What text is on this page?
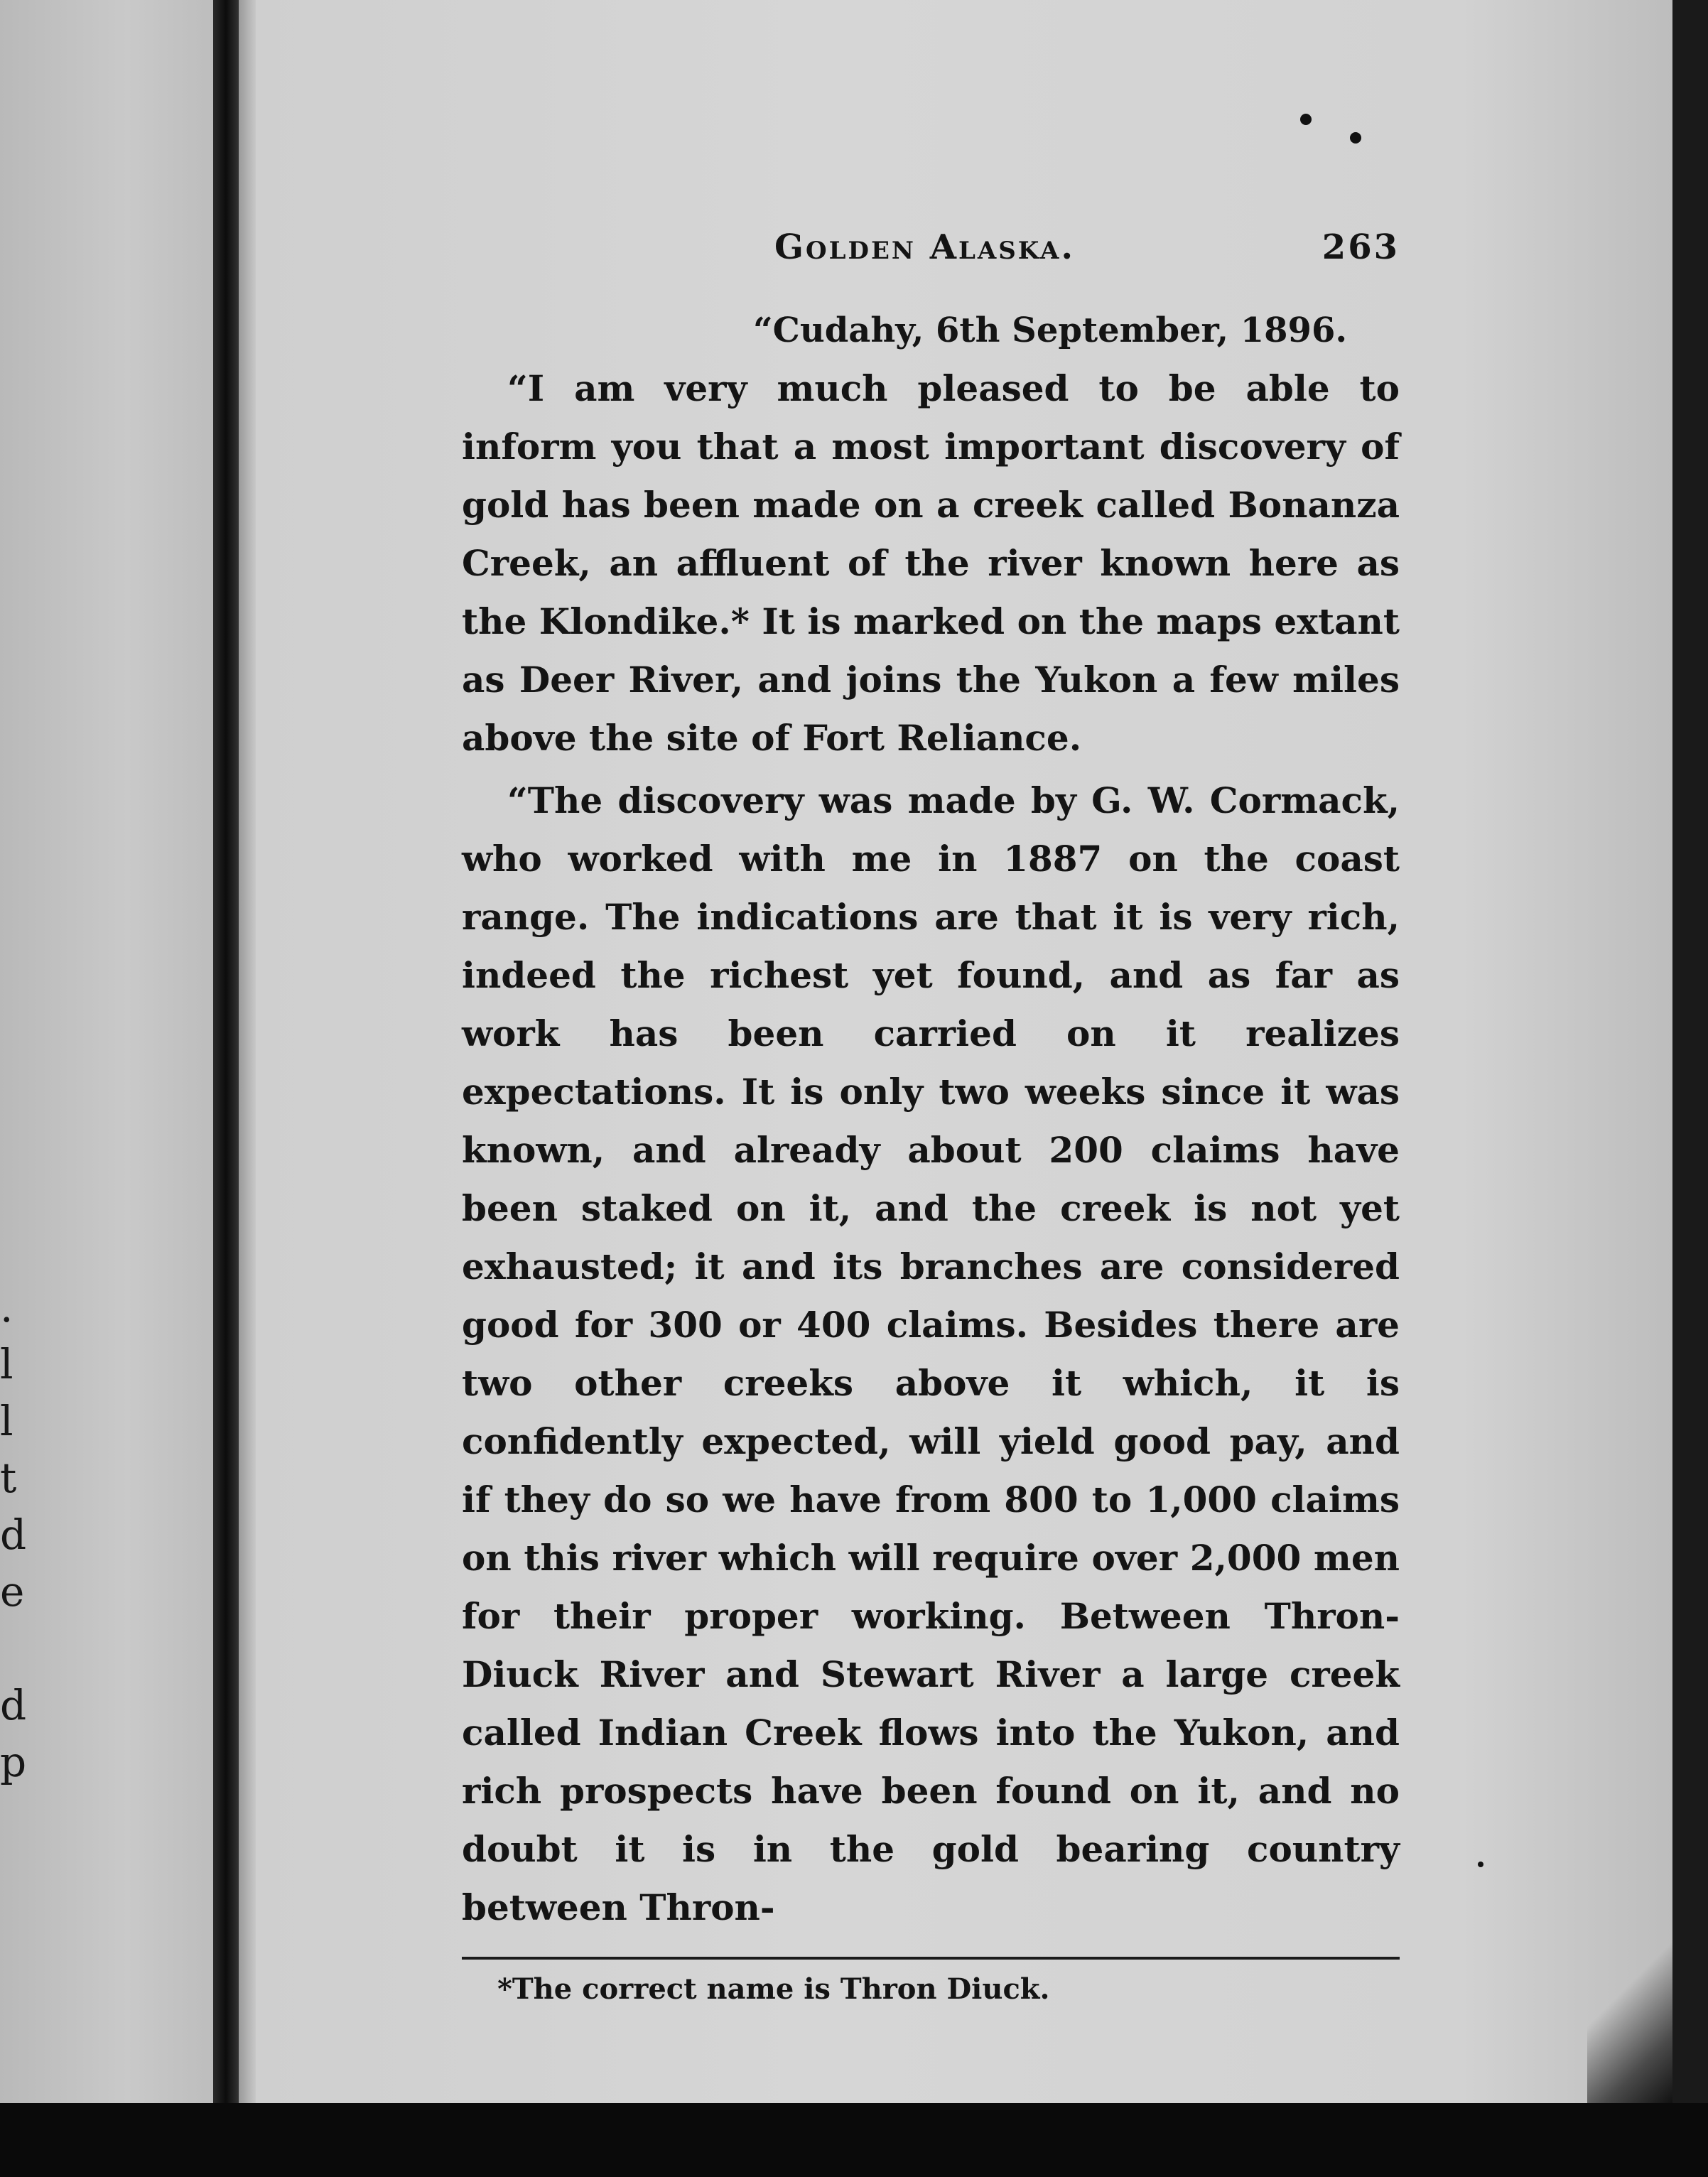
.
l
l
t
d
e

d
p
Golden Alaska.	263
“Cudahy, 6th September, 1896.

“I am very much pleased to be able to inform you that a most important discovery of gold has been made on a creek called Bonanza Creek, an affluent of the river known here as the Klondike.* It is marked on the maps extant as Deer River, and joins the Yukon a few miles above the site of Fort Reliance.

“The discovery was made by G. W. Cormack, who worked with me in 1887 on the coast range. The indications are that it is very rich, indeed the richest yet found, and as far as work has been carried on it realizes expectations. It is only two weeks since it was known, and already about 200 claims have been staked on it, and the creek is not yet exhausted; it and its branches are considered good for 300 or 400 claims. Besides there are two other creeks above it which, it is confidently expected, will yield good pay, and if they do so we have from 800 to 1,000 claims on this river which will require over 2,000 men for their proper working. Between Thron-Diuck River and Stewart River a large creek called Indian Creek flows into the Yukon, and rich prospects have been found on it, and no doubt it is in the gold bearing country between Thron-

*The correct name is Thron Diuck.
